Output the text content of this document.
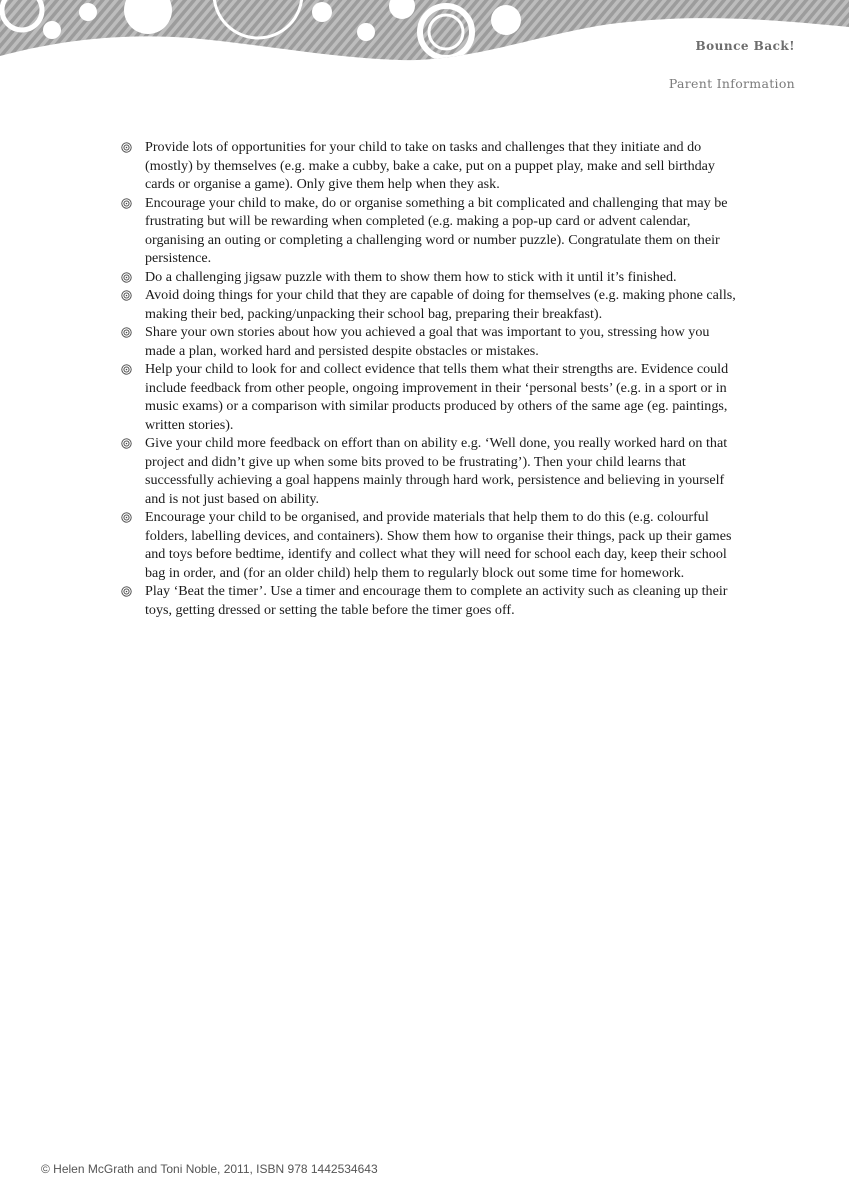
Bounce Back!
Parent Information
Provide lots of opportunities for your child to take on tasks and challenges that they initiate and do (mostly) by themselves (e.g. make a cubby, bake a cake, put on a puppet play, make and sell birthday cards or organise a game). Only give them help when they ask.
Encourage your child to make, do or organise something a bit complicated and challenging that may be frustrating but will be rewarding when completed (e.g. making a pop-up card or advent calendar, organising an outing or completing a challenging word or number puzzle). Congratulate them on their persistence.
Do a challenging jigsaw puzzle with them to show them how to stick with it until it’s finished.
Avoid doing things for your child that they are capable of doing for themselves (e.g. making phone calls, making their bed, packing/unpacking their school bag, preparing their breakfast).
Share your own stories about how you achieved a goal that was important to you, stressing how you made a plan, worked hard and persisted despite obstacles or mistakes.
Help your child to look for and collect evidence that tells them what their strengths are. Evidence could include feedback from other people, ongoing improvement in their ‘personal bests’ (e.g. in a sport or in music exams) or a comparison with similar products produced by others of the same age (eg. paintings, written stories).
Give your child more feedback on effort than on ability e.g. ‘Well done, you really worked hard on that project and didn’t give up when some bits proved to be frustrating’). Then your child learns that successfully achieving a goal happens mainly through hard work, persistence and believing in yourself and is not just based on ability.
Encourage your child to be organised, and provide materials that help them to do this (e.g. colourful folders, labelling devices, and containers). Show them how to organise their things, pack up their games and toys before bedtime, identify and collect what they will need for school each day, keep their school bag in order, and (for an older child) help them to regularly block out some time for homework.
Play ‘Beat the timer’. Use a timer and encourage them to complete an activity such as cleaning up their toys, getting dressed or setting the table before the timer goes off.
© Helen McGrath and Toni Noble, 2011, ISBN 978 1442534643
